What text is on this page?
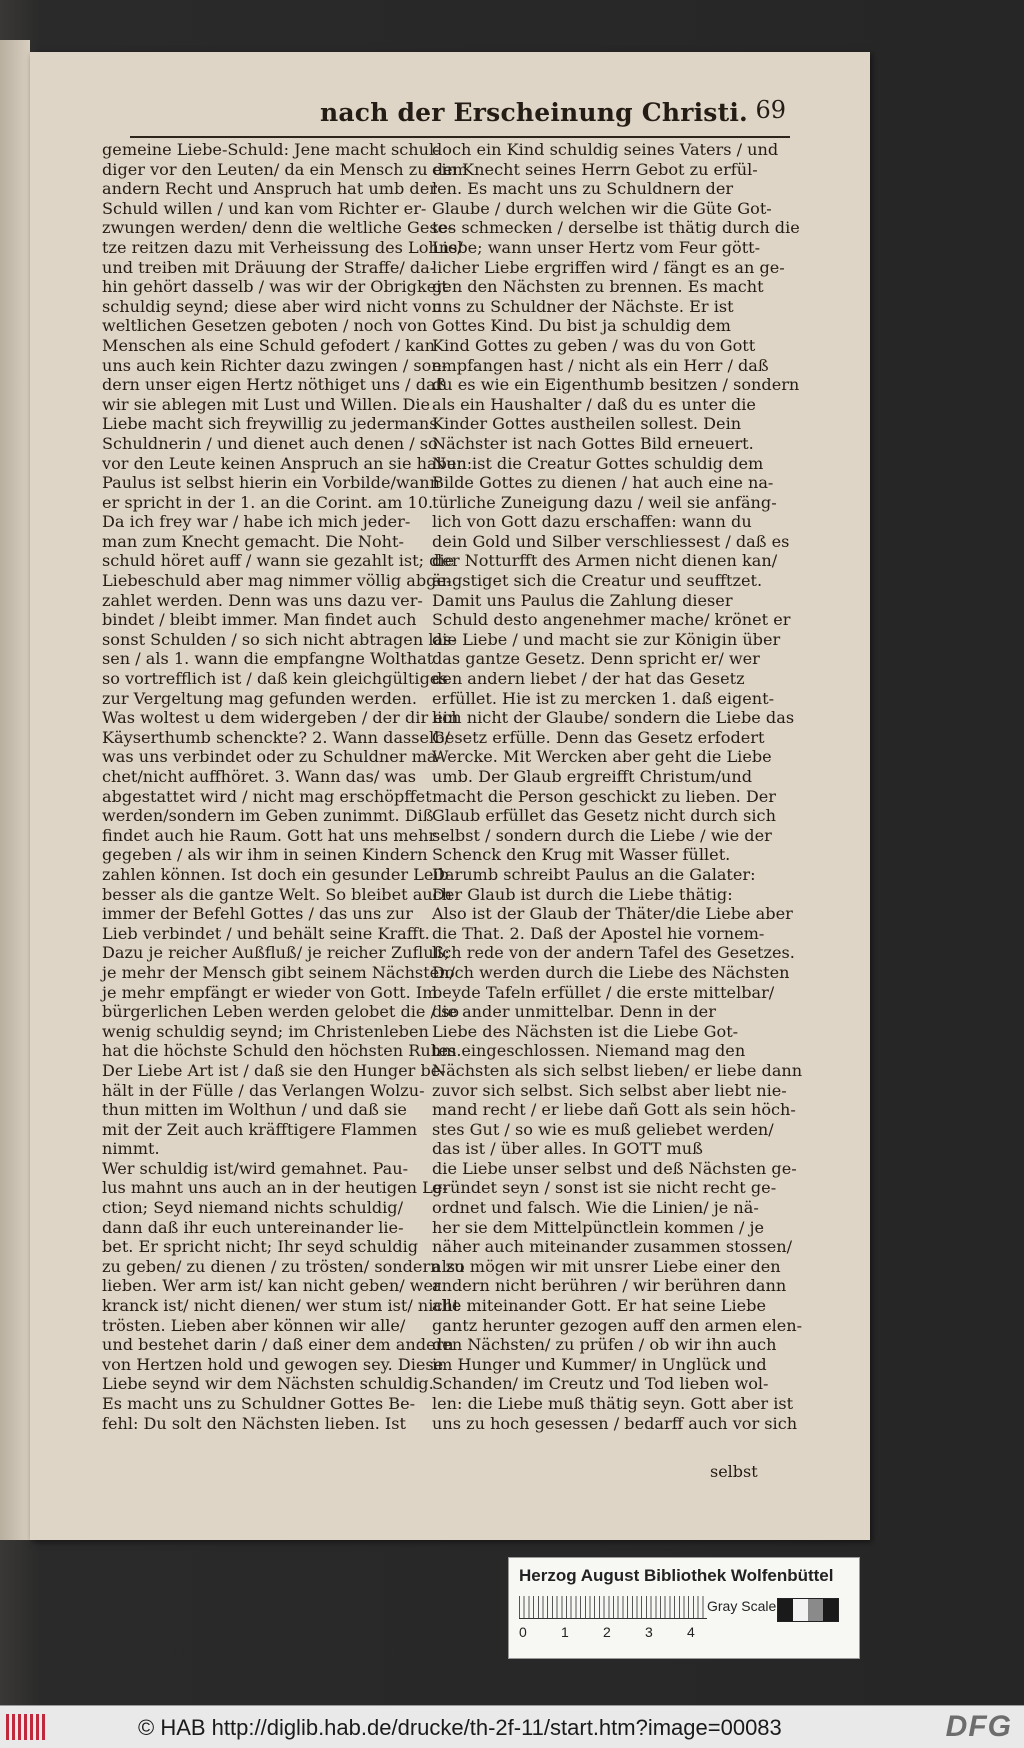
nach der Erscheinung Christi. 69
gemeine Liebe-Schuld: Jene macht schul-
diger vor den Leuten/ da ein Mensch zu dem
andern Recht und Anspruch hat umb der
Schuld willen / und kan vom Richter er-
zwungen werden/ denn die weltliche Gese-
tze reitzen dazu mit Verheissung des Lohns/
und treiben mit Dräuung der Straffe/ da-
hin gehört dasselb / was wir der Obrigkeit
schuldig seynd; diese aber wird nicht von
weltlichen Gesetzen geboten / noch von
Menschen als eine Schuld gefodert / kan
uns auch kein Richter dazu zwingen / son-
dern unser eigen Hertz nöthiget uns / daß
wir sie ablegen mit Lust und Willen. Die
Liebe macht sich freywillig zu jedermans
Schuldnerin / und dienet auch denen / so
vor den Leute keinen Anspruch an sie haben:
Paulus ist selbst hierin ein Vorbilde/wann
er spricht in der 1. an die Corint. am 10.
Da ich frey war / habe ich mich jeder-
man zum Knecht gemacht. Die Noht-
schuld höret auff / wann sie gezahlt ist; die
Liebeschuld aber mag nimmer völlig abge-
zahlet werden. Denn was uns dazu ver-
bindet / bleibt immer. Man findet auch
sonst Schulden / so sich nicht abtragen las-
sen / als 1. wann die empfangne Wolthat
so vortrefflich ist / daß kein gleichgültiges
zur Vergeltung mag gefunden werden.
Was woltest u dem widergeben / der dir ein
Käyserthumb schenckte? 2. Wann dasselb/
was uns verbindet oder zu Schuldner ma-
chet/nicht auffhöret. 3. Wann das/ was
abgestattet wird / nicht mag erschöpffet
werden/sondern im Geben zunimmt. Diß
findet auch hie Raum. Gott hat uns mehr
gegeben / als wir ihm in seinen Kindern
zahlen können. Ist doch ein gesunder Leib
besser als die gantze Welt. So bleibet auch
immer der Befehl Gottes / das uns zur
Lieb verbindet / und behält seine Krafft.
Dazu je reicher Außfluß/ je reicher Zufluß;
je mehr der Mensch gibt seinem Nächsten/
je mehr empfängt er wieder von Gott. Im
bürgerlichen Leben werden gelobet die / so
wenig schuldig seynd; im Christenleben
hat die höchste Schuld den höchsten Ruhm.
Der Liebe Art ist / daß sie den Hunger be-
hält in der Fülle / das Verlangen Wolzu-
thun mitten im Wolthun / und daß sie
mit der Zeit auch kräfftigere Flammen
nimmt.
Wer schuldig ist/wird gemahnet. Pau-
lus mahnt uns auch an in der heutigen Le-
ction; Seyd niemand nichts schuldig/
dann daß ihr euch untereinander lie-
bet. Er spricht nicht; Ihr seyd schuldig
zu geben/ zu dienen / zu trösten/ sondern zu
lieben. Wer arm ist/ kan nicht geben/ wer
kranck ist/ nicht dienen/ wer stum ist/ nicht
trösten. Lieben aber können wir alle/
und bestehet darin / daß einer dem andern
von Hertzen hold und gewogen sey. Diese
Liebe seynd wir dem Nächsten schuldig.
Es macht uns zu Schuldner Gottes Be-
fehl: Du solt den Nächsten lieben. Ist
doch ein Kind schuldig seines Vaters / und
ein Knecht seines Herrn Gebot zu erfül-
len. Es macht uns zu Schuldnern der
Glaube / durch welchen wir die Güte Got-
tes schmecken / derselbe ist thätig durch die
Liebe; wann unser Hertz vom Feur gött-
licher Liebe ergriffen wird / fängt es an ge-
gen den Nächsten zu brennen. Es macht
uns zu Schuldner der Nächste. Er ist
Gottes Kind. Du bist ja schuldig dem
Kind Gottes zu geben / was du von Gott
empfangen hast / nicht als ein Herr / daß
du es wie ein Eigenthumb besitzen / sondern
als ein Haushalter / daß du es unter die
Kinder Gottes austheilen sollest. Dein
Nächster ist nach Gottes Bild erneuert.
Nun ist die Creatur Gottes schuldig dem
Bilde Gottes zu dienen / hat auch eine na-
türliche Zuneigung dazu / weil sie anfäng-
lich von Gott dazu erschaffen: wann du
dein Gold und Silber verschliessest / daß es
der Notturfft des Armen nicht dienen kan/
ängstiget sich die Creatur und seufftzet.
Damit uns Paulus die Zahlung dieser
Schuld desto angenehmer mache/ krönet er
die Liebe / und macht sie zur Königin über
das gantze Gesetz. Denn spricht er/ wer
den andern liebet / der hat das Gesetz
erfüllet. Hie ist zu mercken 1. daß eigent-
lich nicht der Glaube/ sondern die Liebe das
Gesetz erfülle. Denn das Gesetz erfodert
Wercke. Mit Wercken aber geht die Liebe
umb. Der Glaub ergreifft Christum/und
macht die Person geschickt zu lieben. Der
Glaub erfüllet das Gesetz nicht durch sich
selbst / sondern durch die Liebe / wie der
Schenck den Krug mit Wasser füllet.
Darumb schreibt Paulus an die Galater:
Der Glaub ist durch die Liebe thätig:
Also ist der Glaub der Thäter/die Liebe aber
die That. 2. Daß der Apostel hie vornem-
lich rede von der andern Tafel des Gesetzes.
Doch werden durch die Liebe des Nächsten
beyde Tafeln erfüllet / die erste mittelbar/
die ander unmittelbar. Denn in der
Liebe des Nächsten ist die Liebe Got-
tes eingeschlossen. Niemand mag den
Nächsten als sich selbst lieben/ er liebe dann
zuvor sich selbst. Sich selbst aber liebt nie-
mand recht / er liebe dañ Gott als sein höch-
stes Gut / so wie es muß geliebet werden/
das ist / über alles. In GOTT muß
die Liebe unser selbst und deß Nächsten ge-
gründet seyn / sonst ist sie nicht recht ge-
ordnet und falsch. Wie die Linien/ je nä-
her sie dem Mittelpünctlein kommen / je
näher auch miteinander zusammen stossen/
also mögen wir mit unsrer Liebe einer den
andern nicht berühren / wir berühren dann
alle miteinander Gott. Er hat seine Liebe
gantz herunter gezogen auff den armen elen-
den Nächsten/ zu prüfen / ob wir ihn auch
im Hunger und Kummer/ in Unglück und
Schanden/ im Creutz und Tod lieben wol-
len: die Liebe muß thätig seyn. Gott aber ist
uns zu hoch gesessen / bedarff auch vor sich
selbst
Herzog August Bibliothek Wolfenbüttel
0 1 2 3 4
Gray Scale
© HAB http://diglib.hab.de/drucke/th-2f-11/start.htm?image=00083	DFG
